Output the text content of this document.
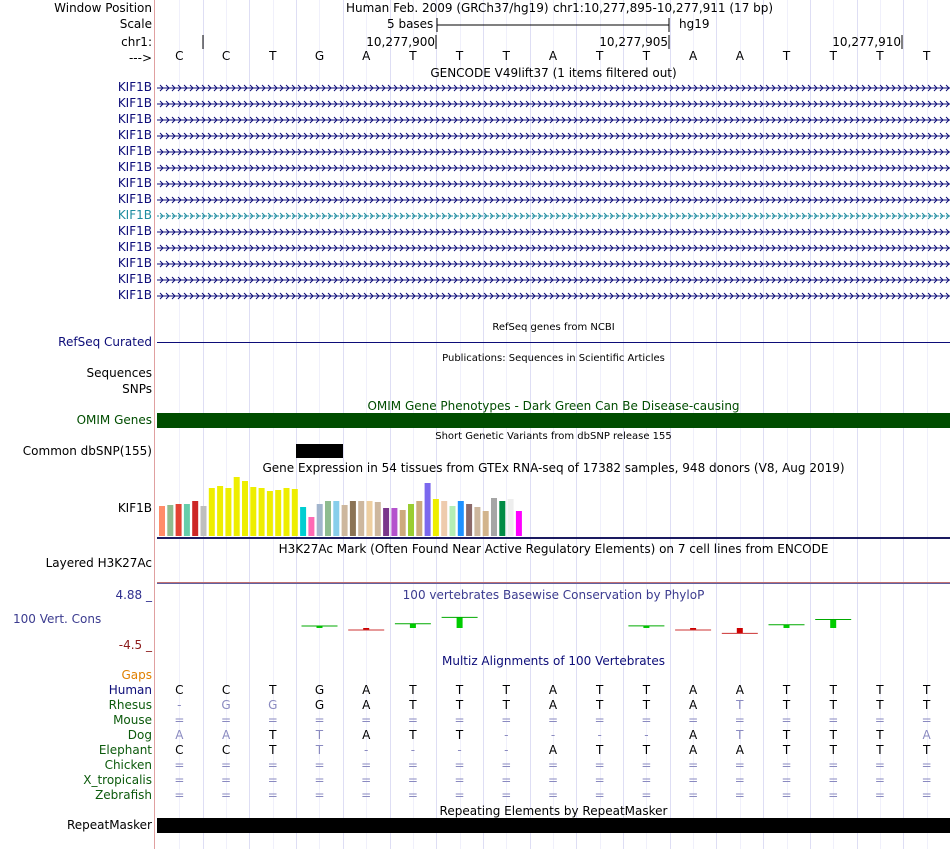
Window Position
Scale
chr1:
--->
Human Feb. 2009 (GRCh37/hg19) chr1:10,277,895-10,277,911 (17 bp)
5 bases	hg19
10,277,900	10,277,905	10,277,910
C	C	T	G	A	T	T	T	A	T	T	A	A	T	T	T	T
GENCODE V49lift37 (1 items filtered out)
KIF1B
KIF1B
KIF1B
KIF1B
KIF1B
KIF1B
KIF1B
KIF1B
KIF1B
KIF1B
KIF1B
KIF1B
KIF1B
KIF1B
RefSeq genes from NCBI
RefSeq Curated
Publications: Sequences in Scientific Articles
Sequences
SNPs
OMIM Gene Phenotypes - Dark Green Can Be Disease-causing
OMIM Genes
Short Genetic Variants from dbSNP release 155
Common dbSNP(155)
Gene Expression in 54 tissues from GTEx RNA-seq of 17382 samples, 948 donors (V8, Aug 2019)
KIF1B
H3K27Ac Mark (Often Found Near Active Regulatory Elements) on 7 cell lines from ENCODE
Layered H3K27Ac
100 vertebrates Basewise Conservation by PhyloP
4.88 _
100 Vert. Cons
-4.5 _
Multiz Alignments of 100 Vertebrates
Gaps
Human	C	C	T	G	A	T	T	T	A	T	T	A	A	T	T	T	T
Rhesus	-	G	G	G	A	T	T	T	A	T	T	A	T	T	T	T	T
Mouse	=	=	=	=	=	=	=	=	=	=	=	=	=	=	=	=	=
Dog	A	A	T	T	A	T	T	-	-	-	-	A	T	T	T	T	A
Elephant	C	C	T	T	-	-	-	-	A	T	T	A	A	T	T	T	T
Chicken	=	=	=	=	=	=	=	=	=	=	=	=	=	=	=	=	=
X_tropicalis	=	=	=	=	=	=	=	=	=	=	=	=	=	=	=	=	=
Zebrafish	=	=	=	=	=	=	=	=	=	=	=	=	=	=	=	=	=
Repeating Elements by RepeatMasker
RepeatMasker
